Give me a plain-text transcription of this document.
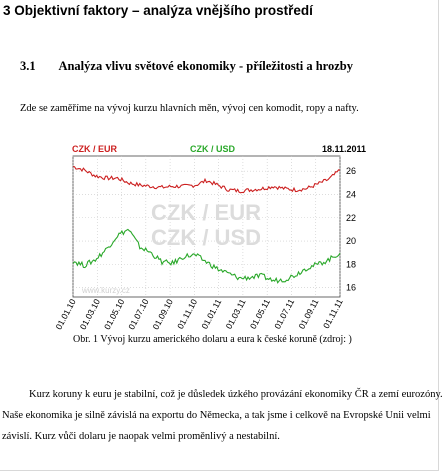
3 Objektivní faktory – analýza vnějšího prostředí
3.1 Analýza vlivu světové ekonomiky - příležitosti a hrozby
Zde se zaměříme na vývoj kurzu hlavních měn, vývoj cen komodit, ropy a nafty.
CZK / EUR
CZK / USD
www.kurzy.cz	16
18
20
22
24
26
01.01.10 01.03.10 01.05.10 01.07.10 01.09.10 01.11.10 01.01.11 01.03.11 01.05.11 01.07.11 01.09.11 01.11.11
CZK / EUR	CZK / USD	18.11.2011
Obr. 1 Vývoj kurzu amerického dolaru a eura k české koruně (zdroj: )
Kurz koruny k euru je stabilní, což je důsledek úzkého provázání ekonomiky ČR a zemí eurozóny.
Naše ekonomika je silně závislá na exportu do Německa, a tak jsme i celkově na Evropské Unii velmi
závislí. Kurz vůči dolaru je naopak velmi proměnlivý a nestabilní.
